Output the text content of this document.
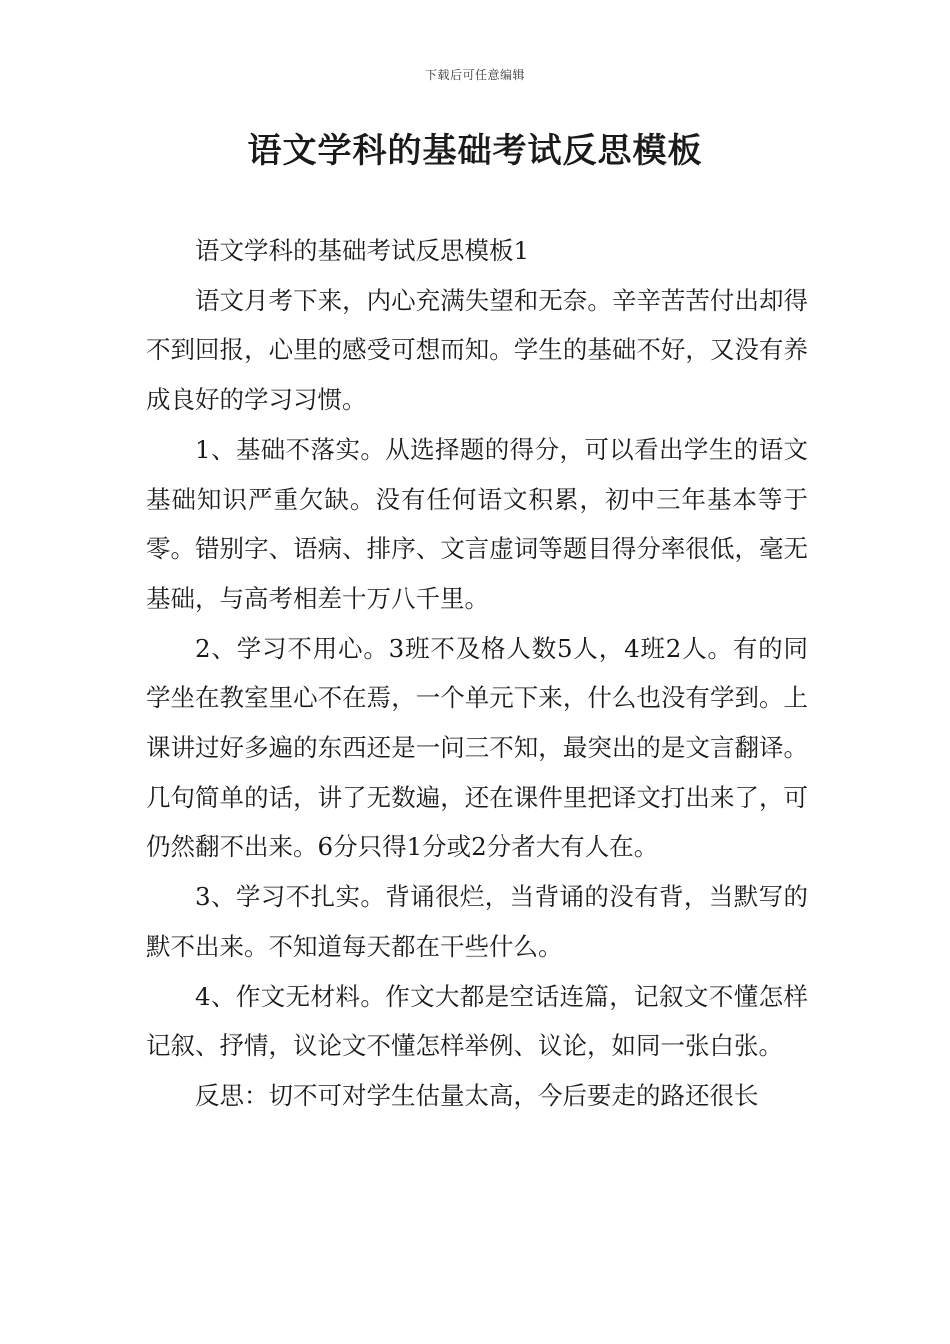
下载后可任意编辑
语文学科的基础考试反思模板

语文学科的基础考试反思模板1

语文月考下来，内心充满失望和无奈。辛辛苦苦付出却得不到回报，心里的感受可想而知。学生的基础不好，又没有养成良好的学习习惯。

1、基础不落实。从选择题的得分，可以看出学生的语文基础知识严重欠缺。没有任何语文积累，初中三年基本等于零。错别字、语病、排序、文言虚词等题目得分率很低，毫无基础，与高考相差十万八千里。

2、学习不用心。3班不及格人数5人，4班2人。有的同学坐在教室里心不在焉，一个单元下来，什么也没有学到。上课讲过好多遍的东西还是一问三不知，最突出的是文言翻译。几句简单的话，讲了无数遍，还在课件里把译文打出来了，可仍然翻不出来。6分只得1分或2分者大有人在。

3、学习不扎实。背诵很烂，当背诵的没有背，当默写的默不出来。不知道每天都在干些什么。

4、作文无材料。作文大都是空话连篇，记叙文不懂怎样记叙、抒情，议论文不懂怎样举例、议论，如同一张白张。

反思：切不可对学生估量太高，今后要走的路还很长
